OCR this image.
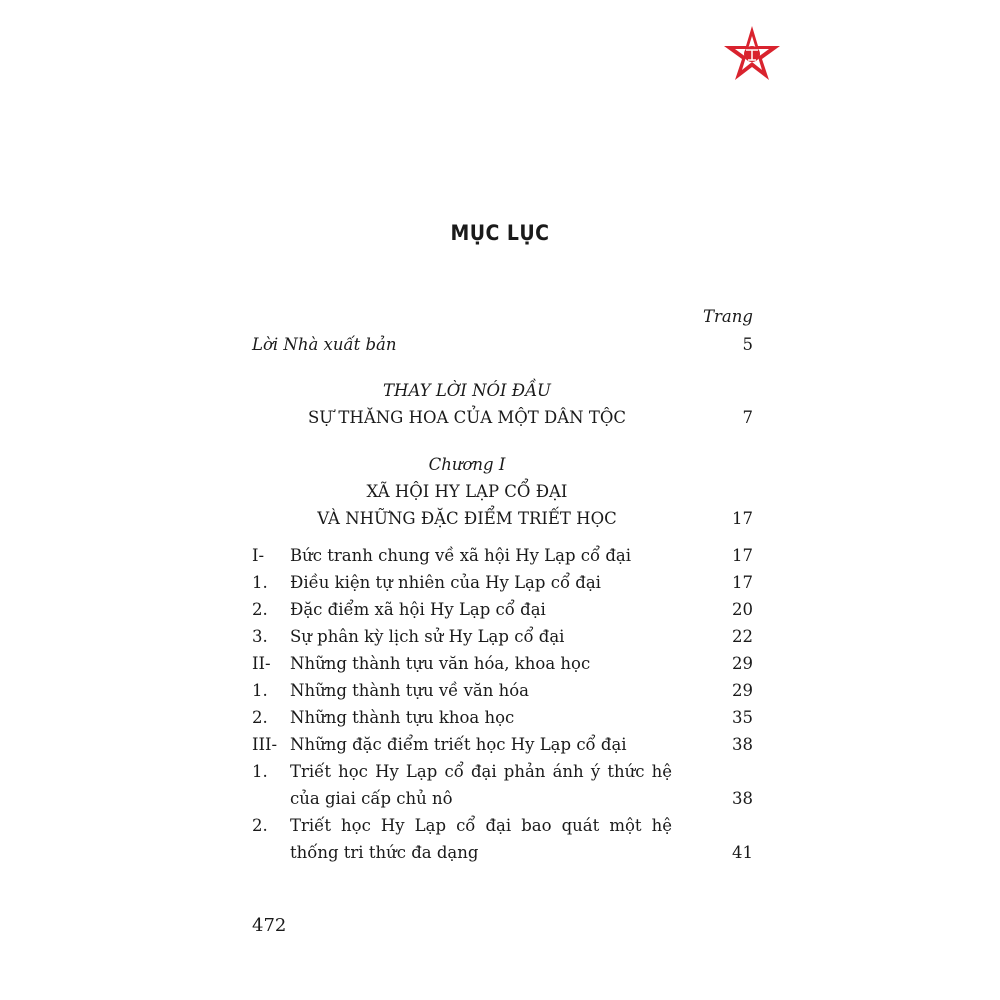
MỤC LỤC
Trang
Lời Nhà xuất bản	5
THAY LỜI NÓI ĐẦU
SỰ THĂNG HOA CỦA MỘT DÂN TỘC	7
Chương I
XÃ HỘI HY LẠP CỔ ĐẠI
VÀ NHỮNG ĐẶC ĐIỂM TRIẾT HỌC	17
I- Bức tranh chung về xã hội Hy Lạp cổ đại	17
1. Điều kiện tự nhiên của Hy Lạp cổ đại	17
2. Đặc điểm xã hội Hy Lạp cổ đại	20
3. Sự phân kỳ lịch sử Hy Lạp cổ đại	22
II- Những thành tựu văn hóa, khoa học	29
1. Những thành tựu về văn hóa	29
2. Những thành tựu khoa học	35
III- Những đặc điểm triết học Hy Lạp cổ đại	38
1. Triết học Hy Lạp cổ đại phản ánh ý thức hệ
của giai cấp chủ nô	38
2. Triết học Hy Lạp cổ đại bao quát một hệ
thống tri thức đa dạng	41
472
